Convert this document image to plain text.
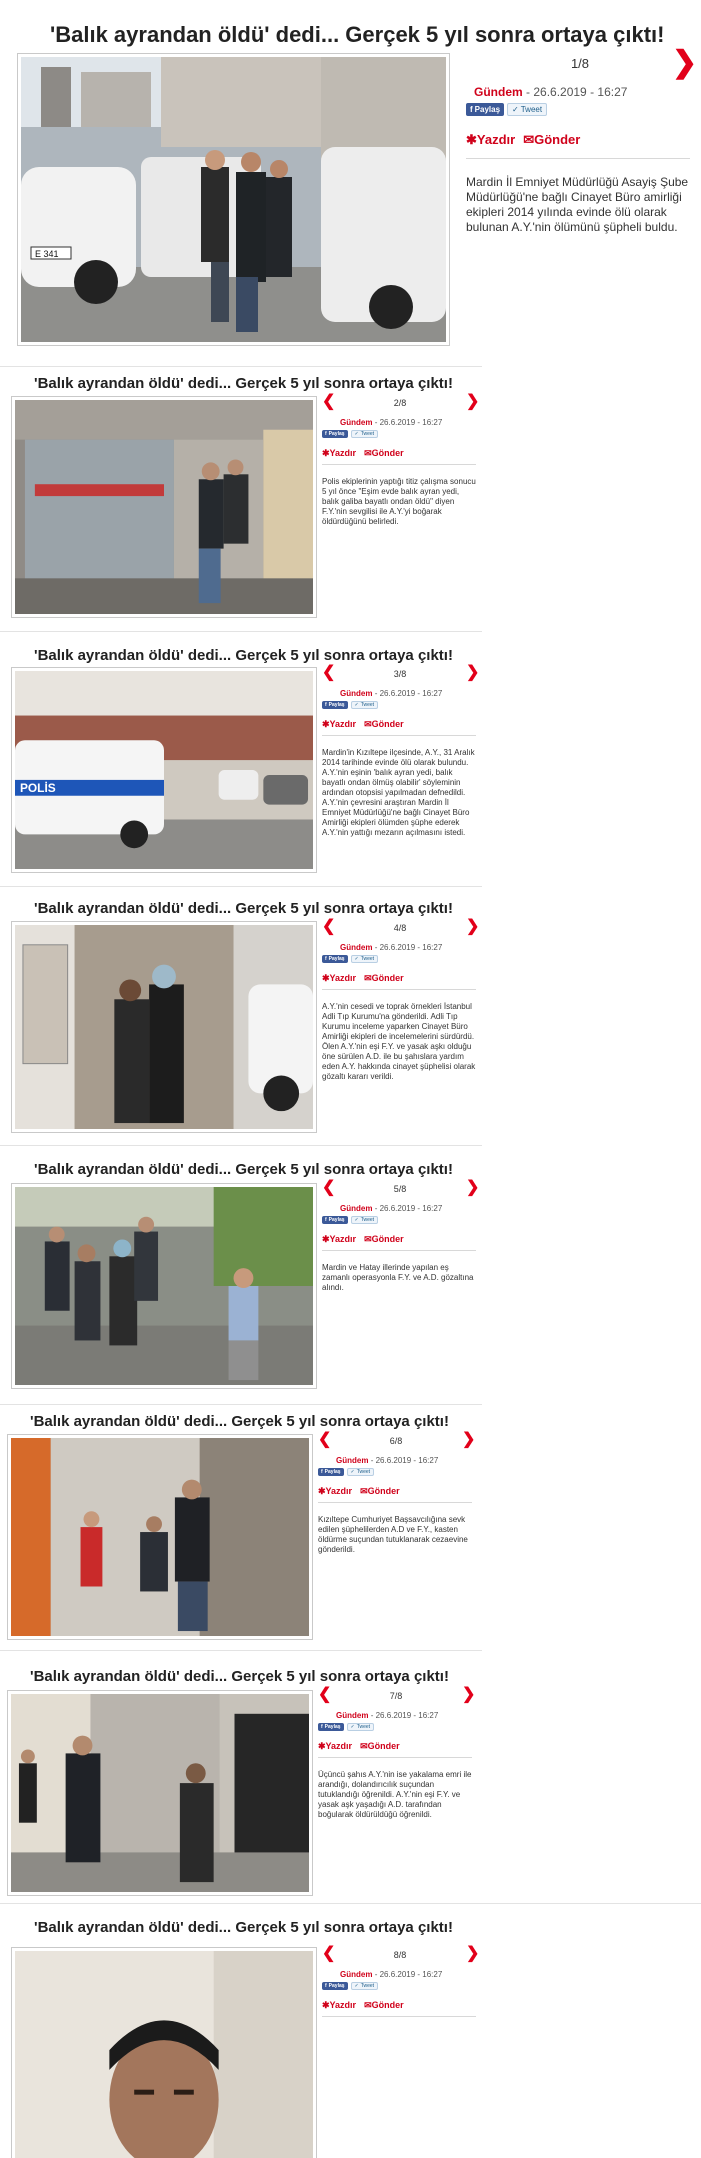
'Balık ayrandan öldü' dedi... Gerçek 5 yıl sonra ortaya çıktı!
E 341
❯
1/8
Gündem - 26.6.2019 - 16:27
f Paylaş ✓ Tweet
✱Yazdır ✉Gönder
Mardin İl Emniyet Müdürlüğü Asayiş Şube Müdürlüğü'ne bağlı Cinayet Büro amirliği ekipleri 2014 yılında evinde ölü olarak bulunan A.Y.'nin ölümünü şüpheli buldu.
'Balık ayrandan öldü' dedi... Gerçek 5 yıl sonra ortaya çıktı!
❮	❯
2/8
Gündem - 26.6.2019 - 16:27
f Paylaş ✓ Tweet
✱Yazdır ✉Gönder
Polis ekiplerinin yaptığı titiz çalışma sonucu 5 yıl önce "Eşim evde balık ayran yedi, balık galiba bayatlı ondan öldü" diyen F.Y.'nin sevgilisi ile A.Y.'yi boğarak öldürdüğünü belirledi.
'Balık ayrandan öldü' dedi... Gerçek 5 yıl sonra ortaya çıktı!
POLİS
❮	❯
3/8
Gündem - 26.6.2019 - 16:27
f Paylaş ✓ Tweet
✱Yazdır ✉Gönder
Mardin'in Kızıltepe ilçesinde, A.Y., 31 Aralık 2014 tarihinde evinde ölü olarak bulundu. A.Y.'nin eşinin 'balık ayran yedi, balık bayatlı ondan ölmüş olabilir' söyleminin ardından otopsisi yapılmadan defnedildi. A.Y.'nin çevresini araştıran Mardin İl Emniyet Müdürlüğü'ne bağlı Cinayet Büro Amirliği ekipleri ölümden şüphe ederek A.Y.'nin yattığı mezarın açılmasını istedi.
'Balık ayrandan öldü' dedi... Gerçek 5 yıl sonra ortaya çıktı!
❮	❯
4/8
Gündem - 26.6.2019 - 16:27
f Paylaş ✓ Tweet
✱Yazdır ✉Gönder
A.Y.'nin cesedi ve toprak örnekleri İstanbul Adli Tıp Kurumu'na gönderildi. Adli Tıp Kurumu inceleme yaparken Cinayet Büro Amirliği ekipleri de incelemelerini sürdürdü. Ölen A.Y.'nin eşi F.Y. ve yasak aşkı olduğu öne sürülen A.D. ile bu şahıslara yardım eden A.Y. hakkında cinayet şüphelisi olarak gözaltı kararı verildi.
'Balık ayrandan öldü' dedi... Gerçek 5 yıl sonra ortaya çıktı!
❮	❯
5/8
Gündem - 26.6.2019 - 16:27
f Paylaş ✓ Tweet
✱Yazdır ✉Gönder
Mardin ve Hatay illerinde yapılan eş zamanlı operasyonla F.Y. ve A.D. gözaltına alındı.
'Balık ayrandan öldü' dedi... Gerçek 5 yıl sonra ortaya çıktı!
❮	❯
6/8
Gündem - 26.6.2019 - 16:27
f Paylaş ✓ Tweet
✱Yazdır ✉Gönder
Kızıltepe Cumhuriyet Başsavcılığına sevk edilen şüphelilerden A.D ve F.Y., kasten öldürme suçundan tutuklanarak cezaevine gönderildi.
'Balık ayrandan öldü' dedi... Gerçek 5 yıl sonra ortaya çıktı!
❮	❯
7/8
Gündem - 26.6.2019 - 16:27
f Paylaş ✓ Tweet
✱Yazdır ✉Gönder
Üçüncü şahıs A.Y.'nin ise yakalama emri ile arandığı, dolandırıcılık suçundan tutuklandığı öğrenildi. A.Y.'nin eşi F.Y. ve yasak aşk yaşadığı A.D. tarafından boğularak öldürüldüğü öğrenildi.
'Balık ayrandan öldü' dedi... Gerçek 5 yıl sonra ortaya çıktı!
❮	❯
8/8
Gündem - 26.6.2019 - 16:27
f Paylaş ✓ Tweet
✱Yazdır ✉Gönder
